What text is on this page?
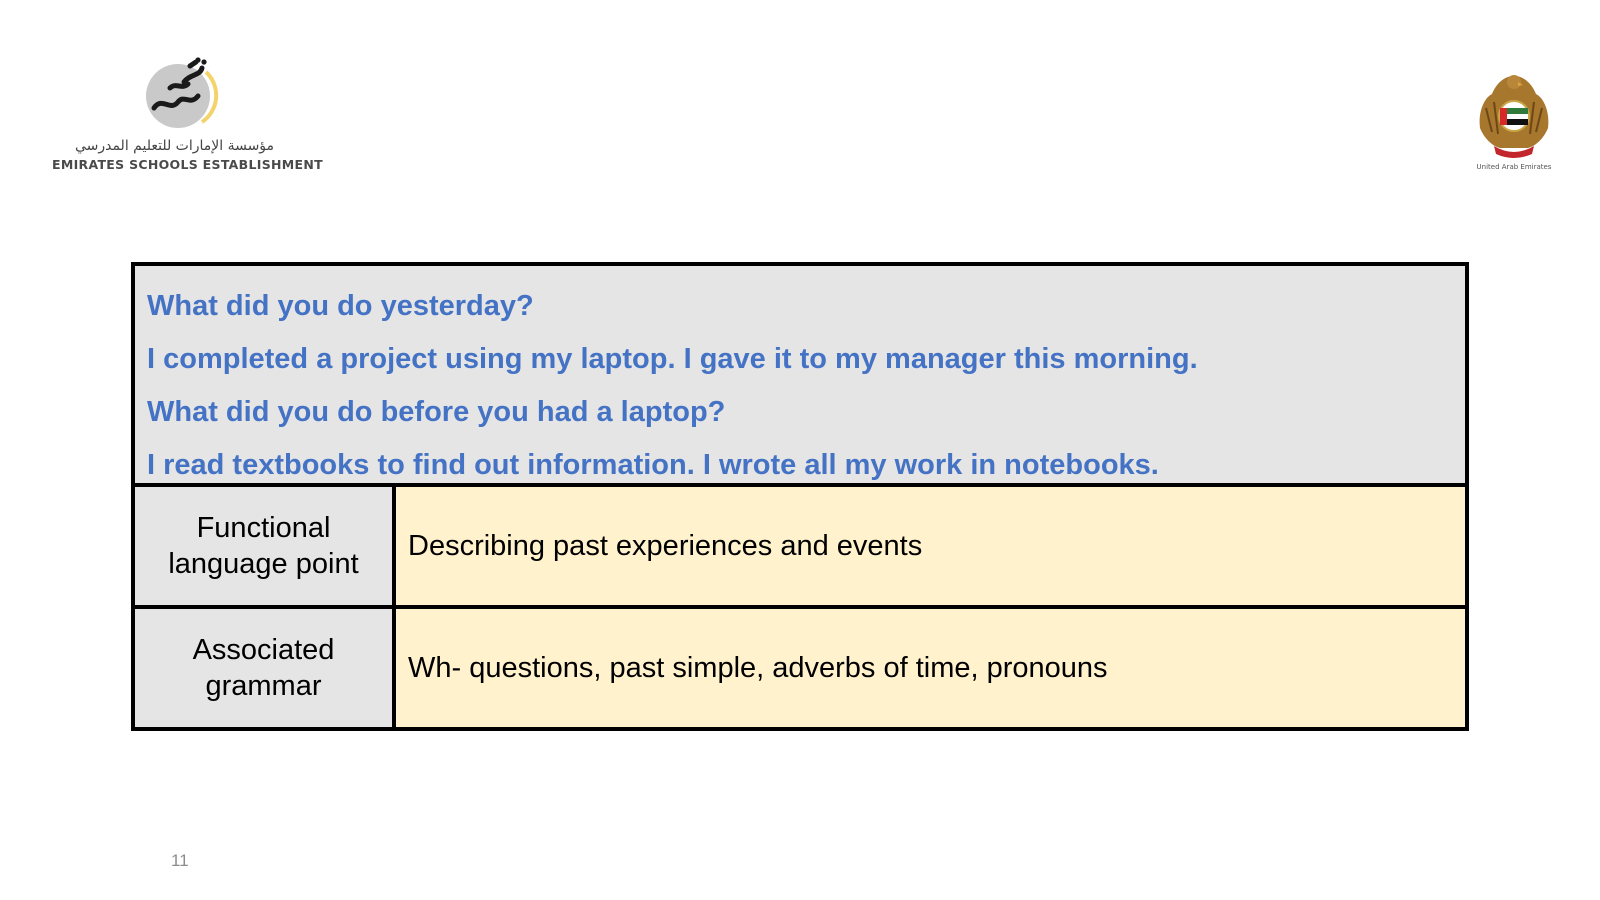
مؤسسة الإمارات للتعليم المدرسي
EMIRATES SCHOOLS ESTABLISHMENT	United Arab Emirates

What did you do yesterday?

I completed a project using my laptop. I gave it to my manager this morning.

What did you do before you had a laptop?

I read textbooks to find out information. I wrote all my work in notebooks.

Functional
language point	Describing past experiences and events
Associated
grammar	Wh- questions, past simple, adverbs of time, pronouns
11
